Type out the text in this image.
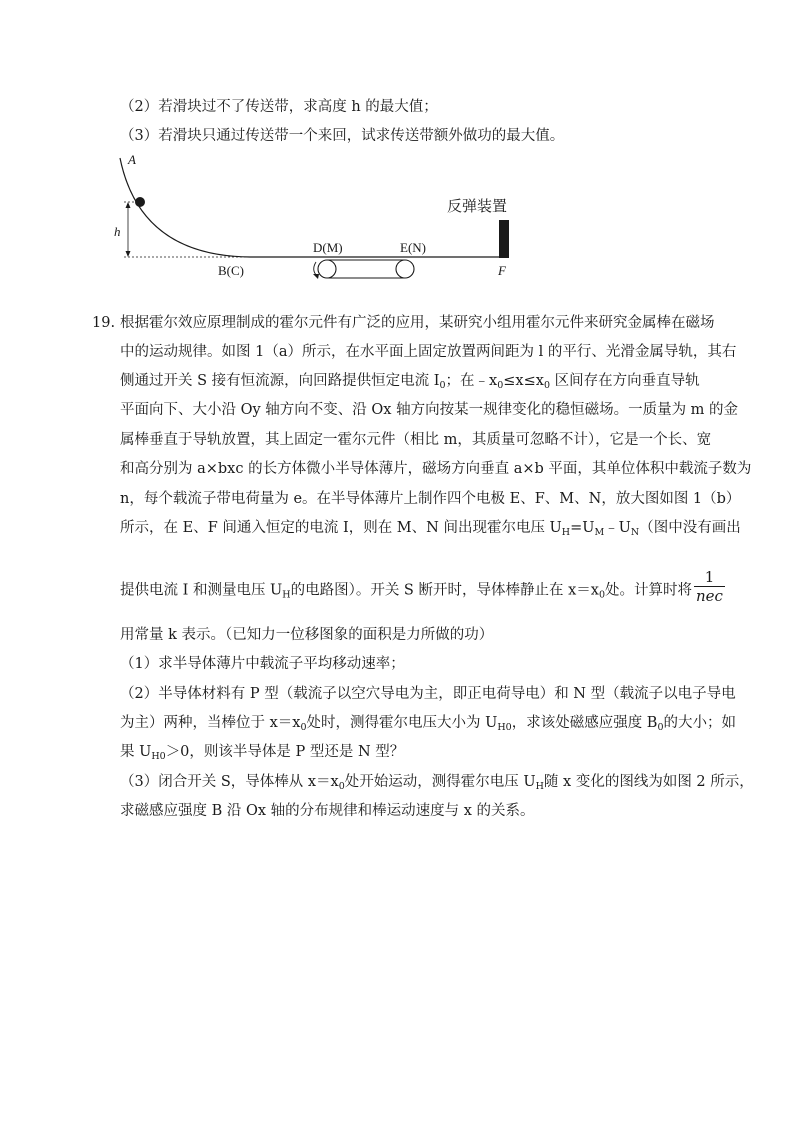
（2）若滑块过不了传送带，求高度 h 的最大值；
（3）若滑块只通过传送带一个来回，试求传送带额外做功的最大值。
A
h
B(C)
D(M)	E(N)
F
反弹装置
19. 根据霍尔效应原理制成的霍尔元件有广泛的应用，某研究小组用霍尔元件来研究金属棒在磁场
中的运动规律。如图 1（a）所示，在水平面上固定放置两间距为 l 的平行、光滑金属导轨，其右
侧通过开关 S 接有恒流源，向回路提供恒定电流 $I_0$；在$﹣x_0\le x\le x_0$ 区间存在方向垂直导轨
平面向下、大小沿 Oy 轴方向不变、沿 Ox 轴方向按某一规律变化的稳恒磁场。一质量为 m 的金
属棒垂直于导轨放置，其上固定一霍尔元件（相比 m，其质量可忽略不计），它是一个长、宽
和高分别为 a×bxc 的长方体微小半导体薄片，磁场方向垂直 a×b 平面，其单位体积中载流子数为
n，每个载流子带电荷量为 e。在半导体薄片上制作四个电极 E、F、M、N，放大图如图 1（b）
所示，在 E、F 间通入恒定的电流 I，则在 M、N 间出现霍尔电压 $U_H=U_M﹣U_N$（图中没有画出
提供电流 I 和测量电压 $U_H$的电路图）。开关 S 断开时，导体棒静止在 $x=x_0$处。计算时将 $\frac{1}{\text{nec}}$
用常量 k 表示。（已知力一位移图象的面积是力所做的功）
（1）求半导体薄片中载流子平均移动速率；
（2）半导体材料有 P 型（载流子以空穴导电为主，即正电荷导电）和 N 型（载流子以电子导电
为主）两种，当棒位于 $x=x_0$处时，测得霍尔电压大小为 $U_{H0}$，求该处磁感应强度 $B_0$的大小；如
果 $U_{H0}>0$，则该半导体是 P 型还是 N 型？
（3）闭合开关 S，导体棒从 $x=x_0$处开始运动，测得霍尔电压 $U_H$随 x 变化的图线为如图 2 所示，
求磁感应强度 B 沿 Ox 轴的分布规律和棒运动速度与 x 的关系。
